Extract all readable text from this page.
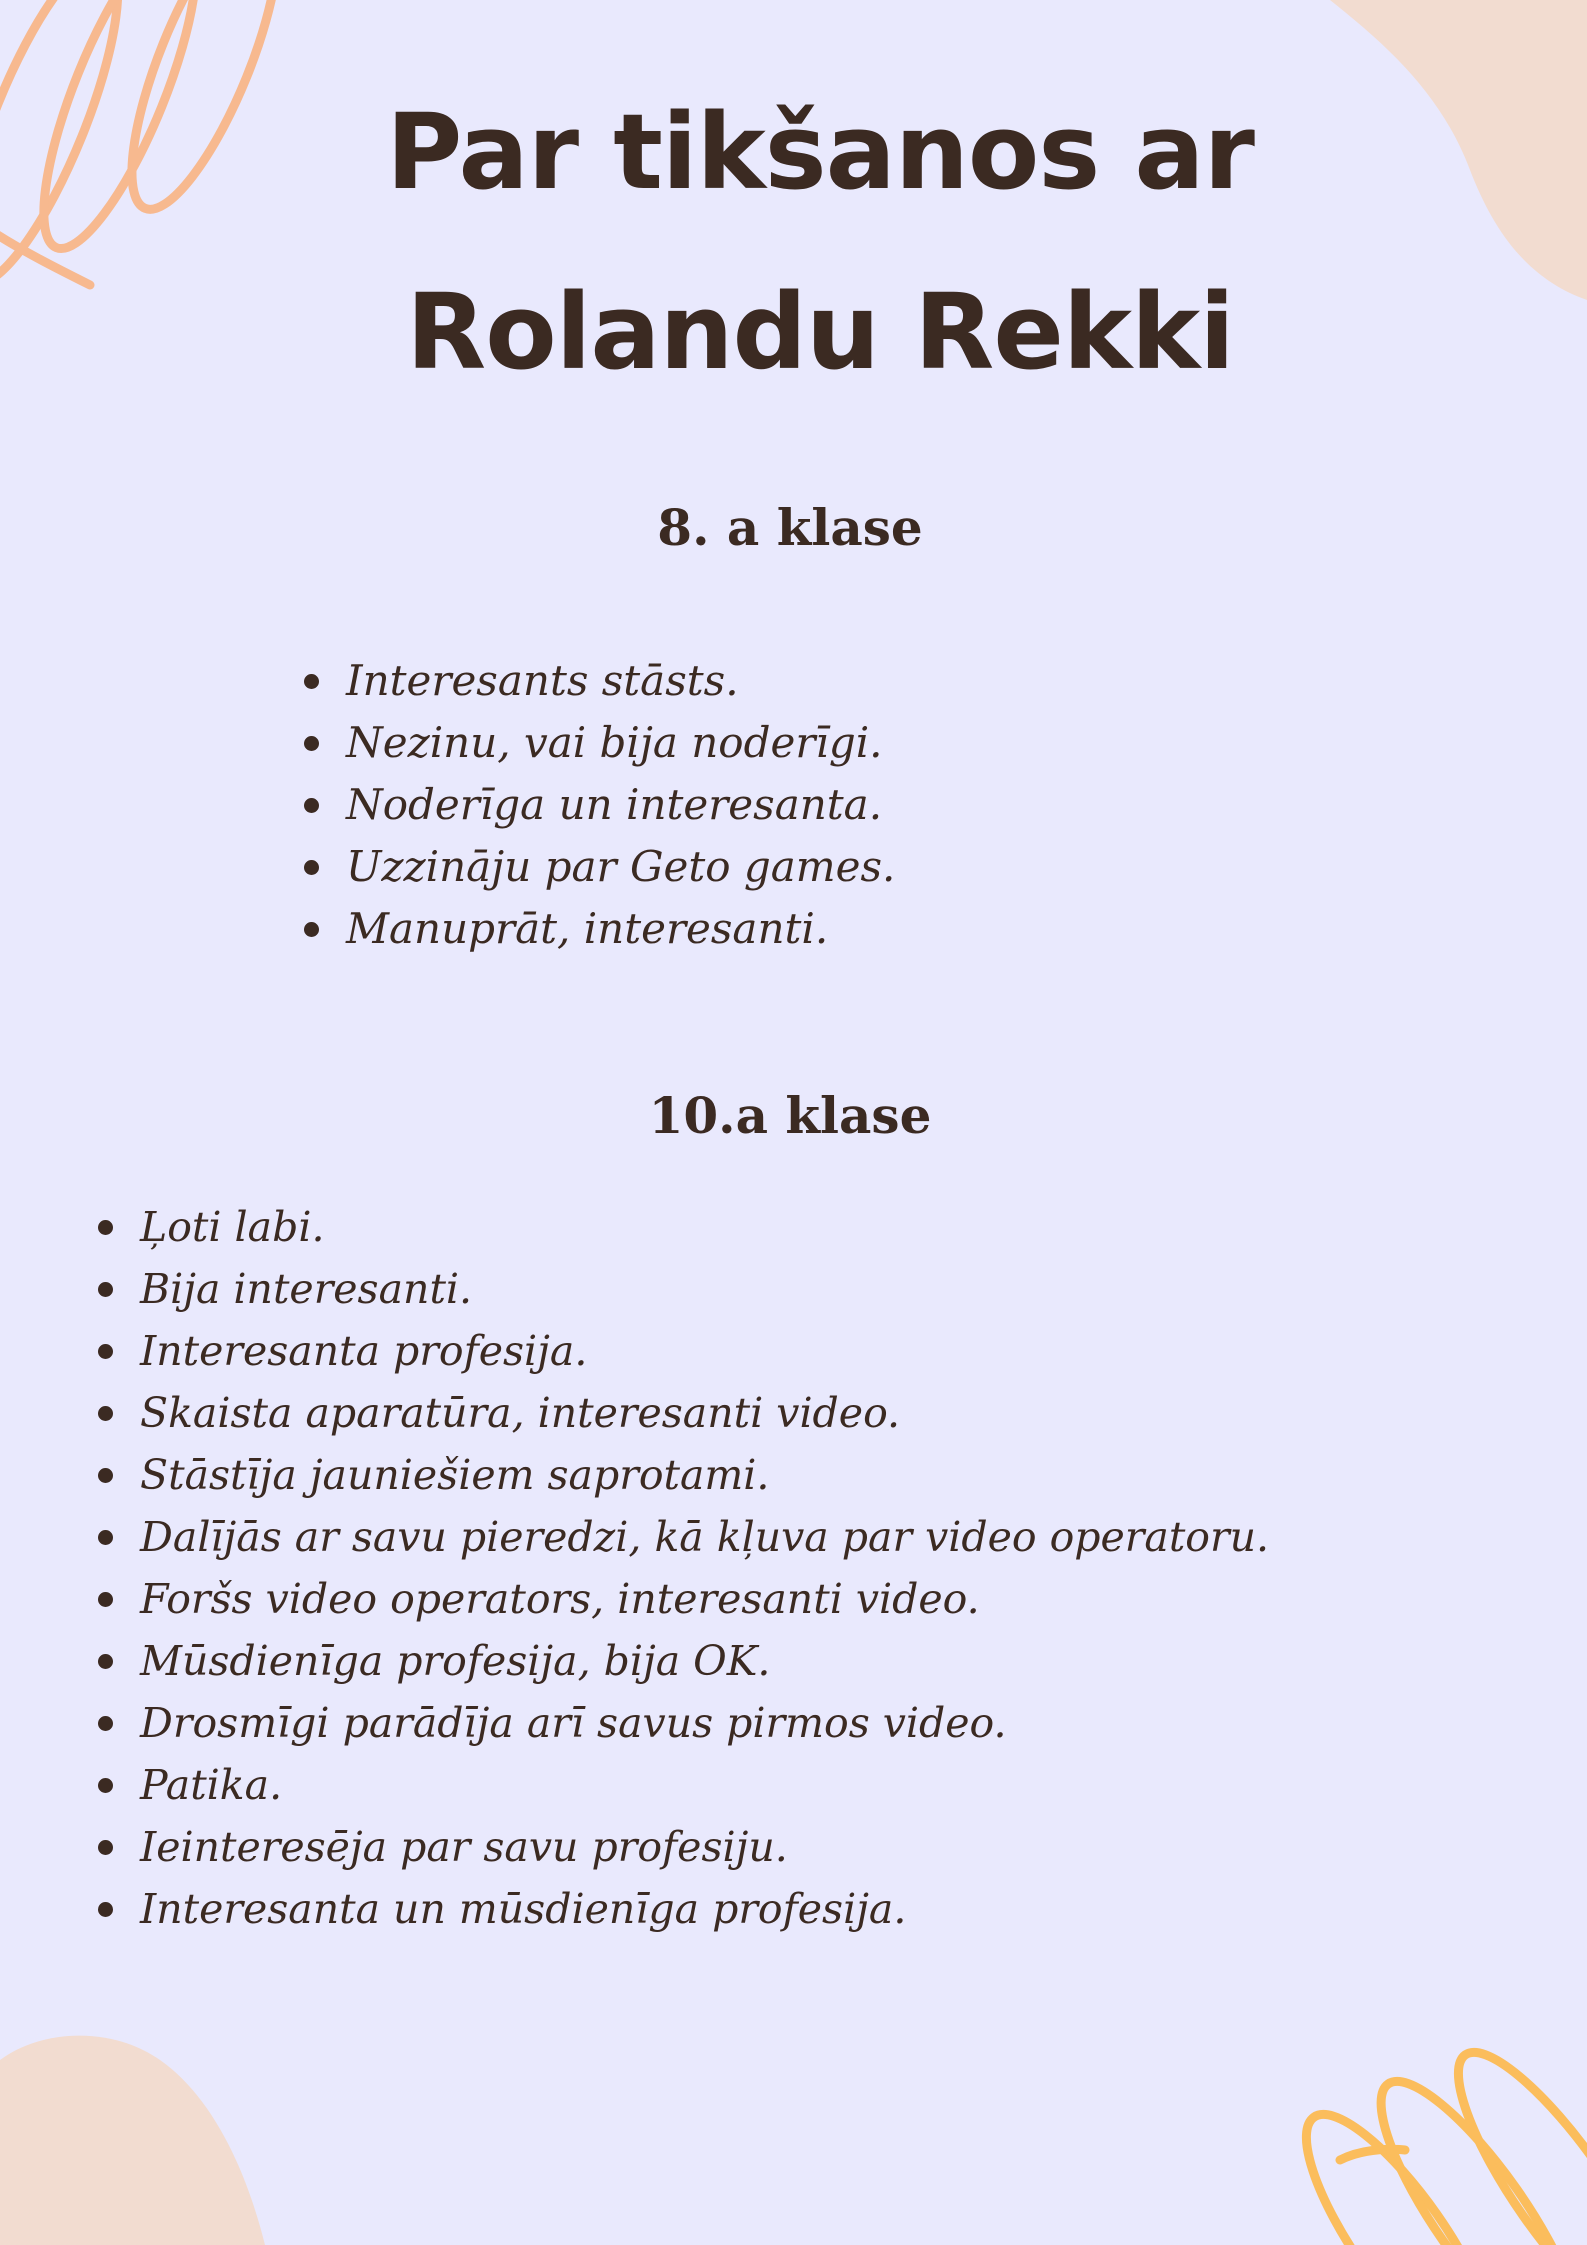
Par tikšanos ar
Rolandu Rekki
8. a klase
Interesants stāsts.
Nezinu, vai bija noderīgi.
Noderīga un interesanta.
Uzzināju par Geto games.
Manuprāt, interesanti.
10.a klase
Ļoti labi.
Bija interesanti.
Interesanta profesija.
Skaista aparatūra, interesanti video.
Stāstīja jauniešiem saprotami.
Dalījās ar savu pieredzi, kā kļuva par video operatoru.
Foršs video operators, interesanti video.
Mūsdienīga profesija, bija OK.
Drosmīgi parādīja arī savus pirmos video.
Patika.
Ieinteresēja par savu profesiju.
Interesanta un mūsdienīga profesija.
